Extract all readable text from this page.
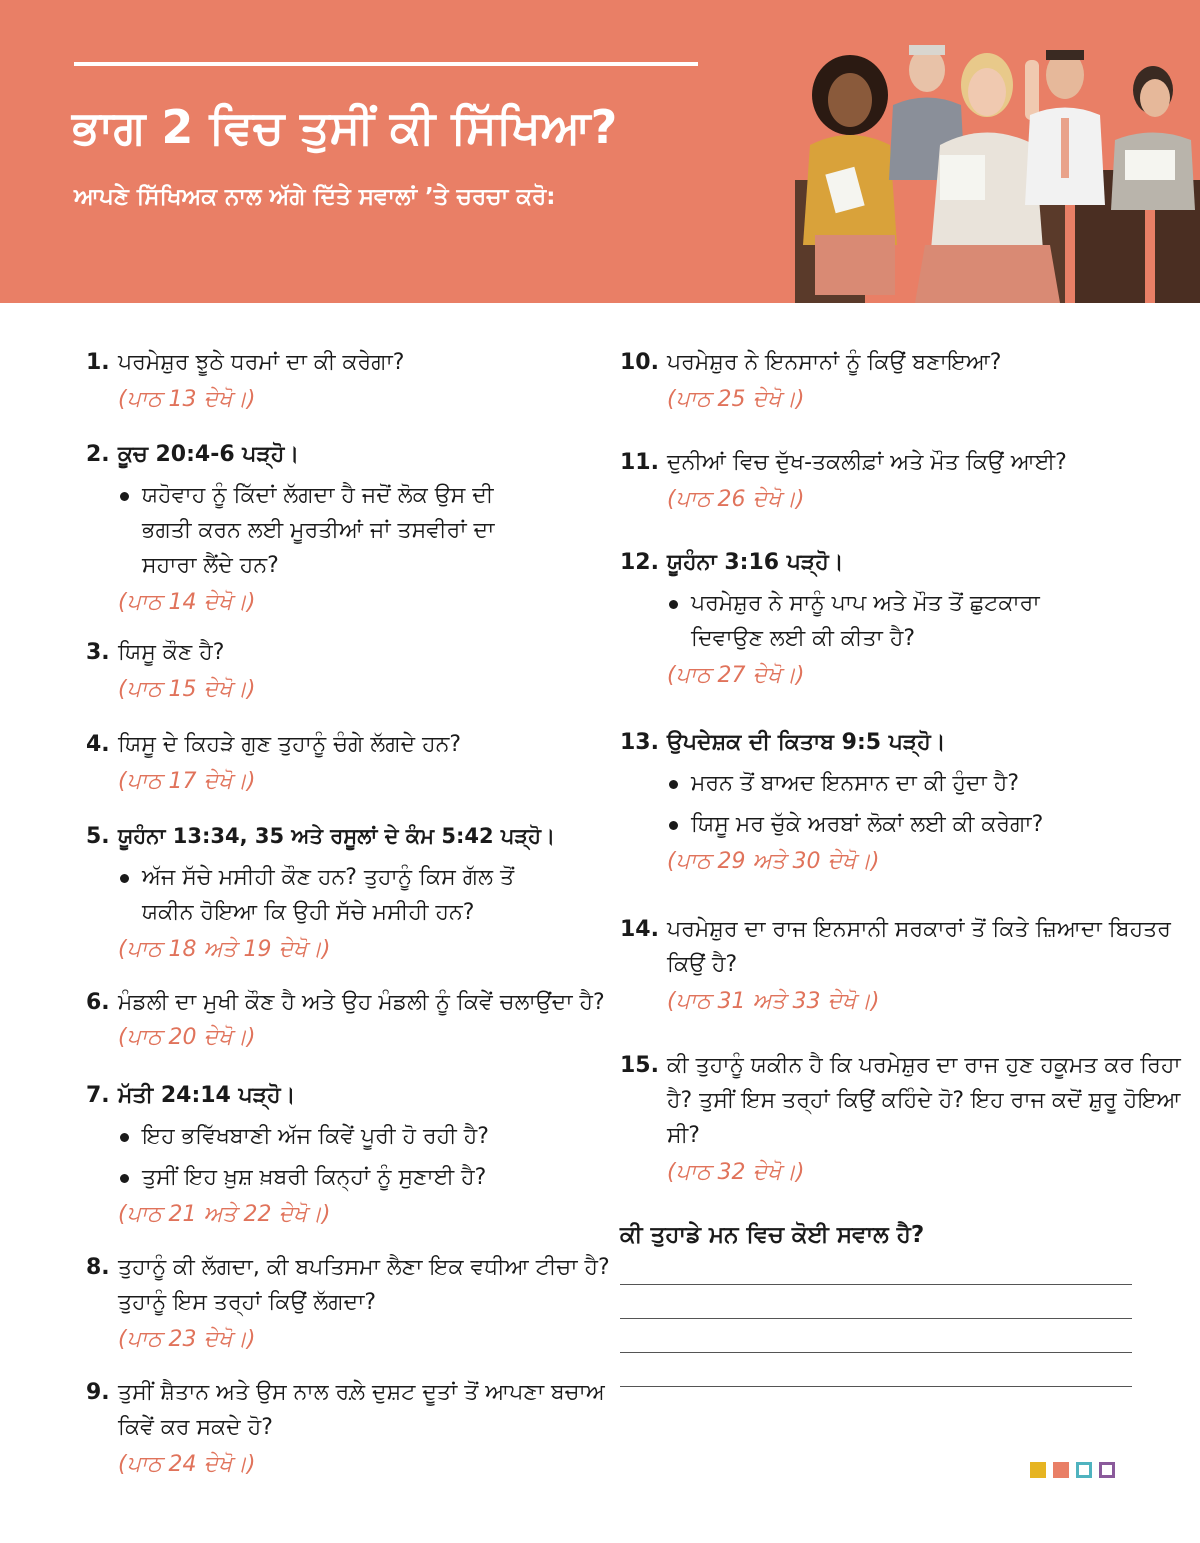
ਭਾਗ 2 ਵਿਚ ਤੁਸੀਂ ਕੀ ਸਿੱਖਿਆ?
ਆਪਣੇ ਸਿੱਖਿਅਕ ਨਾਲ ਅੱਗੇ ਦਿੱਤੇ ਸਵਾਲਾਂ ’ਤੇ ਚਰਚਾ ਕਰੋ:
1. ਪਰਮੇਸ਼ੁਰ ਝੂਠੇ ਧਰਮਾਂ ਦਾ ਕੀ ਕਰੇਗਾ?
(ਪਾਠ 13 ਦੇਖੋ।)
2. ਕੂਚ 20:4-6 ਪੜ੍ਹੋ।
ਯਹੋਵਾਹ ਨੂੰ ਕਿੱਦਾਂ ਲੱਗਦਾ ਹੈ ਜਦੋਂ ਲੋਕ ਉਸ ਦੀ ਭਗਤੀ ਕਰਨ ਲਈ ਮੂਰਤੀਆਂ ਜਾਂ ਤਸਵੀਰਾਂ ਦਾ ਸਹਾਰਾ ਲੈਂਦੇ ਹਨ?
(ਪਾਠ 14 ਦੇਖੋ।)
3. ਯਿਸੂ ਕੌਣ ਹੈ?
(ਪਾਠ 15 ਦੇਖੋ।)
4. ਯਿਸੂ ਦੇ ਕਿਹੜੇ ਗੁਣ ਤੁਹਾਨੂੰ ਚੰਗੇ ਲੱਗਦੇ ਹਨ?
(ਪਾਠ 17 ਦੇਖੋ।)
5. ਯੂਹੰਨਾ 13:34, 35 ਅਤੇ ਰਸੂਲਾਂ ਦੇ ਕੰਮ 5:42 ਪੜ੍ਹੋ।
ਅੱਜ ਸੱਚੇ ਮਸੀਹੀ ਕੌਣ ਹਨ? ਤੁਹਾਨੂੰ ਕਿਸ ਗੱਲ ਤੋਂ ਯਕੀਨ ਹੋਇਆ ਕਿ ਉਹੀ ਸੱਚੇ ਮਸੀਹੀ ਹਨ?
(ਪਾਠ 18 ਅਤੇ 19 ਦੇਖੋ।)
6. ਮੰਡਲੀ ਦਾ ਮੁਖੀ ਕੌਣ ਹੈ ਅਤੇ ਉਹ ਮੰਡਲੀ ਨੂੰ ਕਿਵੇਂ ਚਲਾਉਂਦਾ ਹੈ? (ਪਾਠ 20 ਦੇਖੋ।)
7. ਮੱਤੀ 24:14 ਪੜ੍ਹੋ।
ਇਹ ਭਵਿੱਖਬਾਣੀ ਅੱਜ ਕਿਵੇਂ ਪੂਰੀ ਹੋ ਰਹੀ ਹੈ?
ਤੁਸੀਂ ਇਹ ਖ਼ੁਸ਼ ਖ਼ਬਰੀ ਕਿਨ੍ਹਾਂ ਨੂੰ ਸੁਣਾਈ ਹੈ?
(ਪਾਠ 21 ਅਤੇ 22 ਦੇਖੋ।)
8. ਤੁਹਾਨੂੰ ਕੀ ਲੱਗਦਾ, ਕੀ ਬਪਤਿਸਮਾ ਲੈਣਾ ਇਕ ਵਧੀਆ ਟੀਚਾ ਹੈ? ਤੁਹਾਨੂੰ ਇਸ ਤਰ੍ਹਾਂ ਕਿਉਂ ਲੱਗਦਾ?
(ਪਾਠ 23 ਦੇਖੋ।)
9. ਤੁਸੀਂ ਸ਼ੈਤਾਨ ਅਤੇ ਉਸ ਨਾਲ ਰਲ਼ੇ ਦੁਸ਼ਟ ਦੂਤਾਂ ਤੋਂ ਆਪਣਾ ਬਚਾਅ ਕਿਵੇਂ ਕਰ ਸਕਦੇ ਹੋ?
(ਪਾਠ 24 ਦੇਖੋ।)
10. ਪਰਮੇਸ਼ੁਰ ਨੇ ਇਨਸਾਨਾਂ ਨੂੰ ਕਿਉਂ ਬਣਾਇਆ?
(ਪਾਠ 25 ਦੇਖੋ।)
11. ਦੁਨੀਆਂ ਵਿਚ ਦੁੱਖ-ਤਕਲੀਫ਼ਾਂ ਅਤੇ ਮੌਤ ਕਿਉਂ ਆਈ?
(ਪਾਠ 26 ਦੇਖੋ।)
12. ਯੂਹੰਨਾ 3:16 ਪੜ੍ਹੋ।
ਪਰਮੇਸ਼ੁਰ ਨੇ ਸਾਨੂੰ ਪਾਪ ਅਤੇ ਮੌਤ ਤੋਂ ਛੁਟਕਾਰਾ ਦਿਵਾਉਣ ਲਈ ਕੀ ਕੀਤਾ ਹੈ?
(ਪਾਠ 27 ਦੇਖੋ।)
13. ਉਪਦੇਸ਼ਕ ਦੀ ਕਿਤਾਬ 9:5 ਪੜ੍ਹੋ।
ਮਰਨ ਤੋਂ ਬਾਅਦ ਇਨਸਾਨ ਦਾ ਕੀ ਹੁੰਦਾ ਹੈ?
ਯਿਸੂ ਮਰ ਚੁੱਕੇ ਅਰਬਾਂ ਲੋਕਾਂ ਲਈ ਕੀ ਕਰੇਗਾ?
(ਪਾਠ 29 ਅਤੇ 30 ਦੇਖੋ।)
14. ਪਰਮੇਸ਼ੁਰ ਦਾ ਰਾਜ ਇਨਸਾਨੀ ਸਰਕਾਰਾਂ ਤੋਂ ਕਿਤੇ ਜ਼ਿਆਦਾ ਬਿਹਤਰ ਕਿਉਂ ਹੈ?
(ਪਾਠ 31 ਅਤੇ 33 ਦੇਖੋ।)
15. ਕੀ ਤੁਹਾਨੂੰ ਯਕੀਨ ਹੈ ਕਿ ਪਰਮੇਸ਼ੁਰ ਦਾ ਰਾਜ ਹੁਣ ਹਕੂਮਤ ਕਰ ਰਿਹਾ ਹੈ? ਤੁਸੀਂ ਇਸ ਤਰ੍ਹਾਂ ਕਿਉਂ ਕਹਿੰਦੇ ਹੋ? ਇਹ ਰਾਜ ਕਦੋਂ ਸ਼ੁਰੂ ਹੋਇਆ ਸੀ?
(ਪਾਠ 32 ਦੇਖੋ।)
ਕੀ ਤੁਹਾਡੇ ਮਨ ਵਿਚ ਕੋਈ ਸਵਾਲ ਹੈ?
